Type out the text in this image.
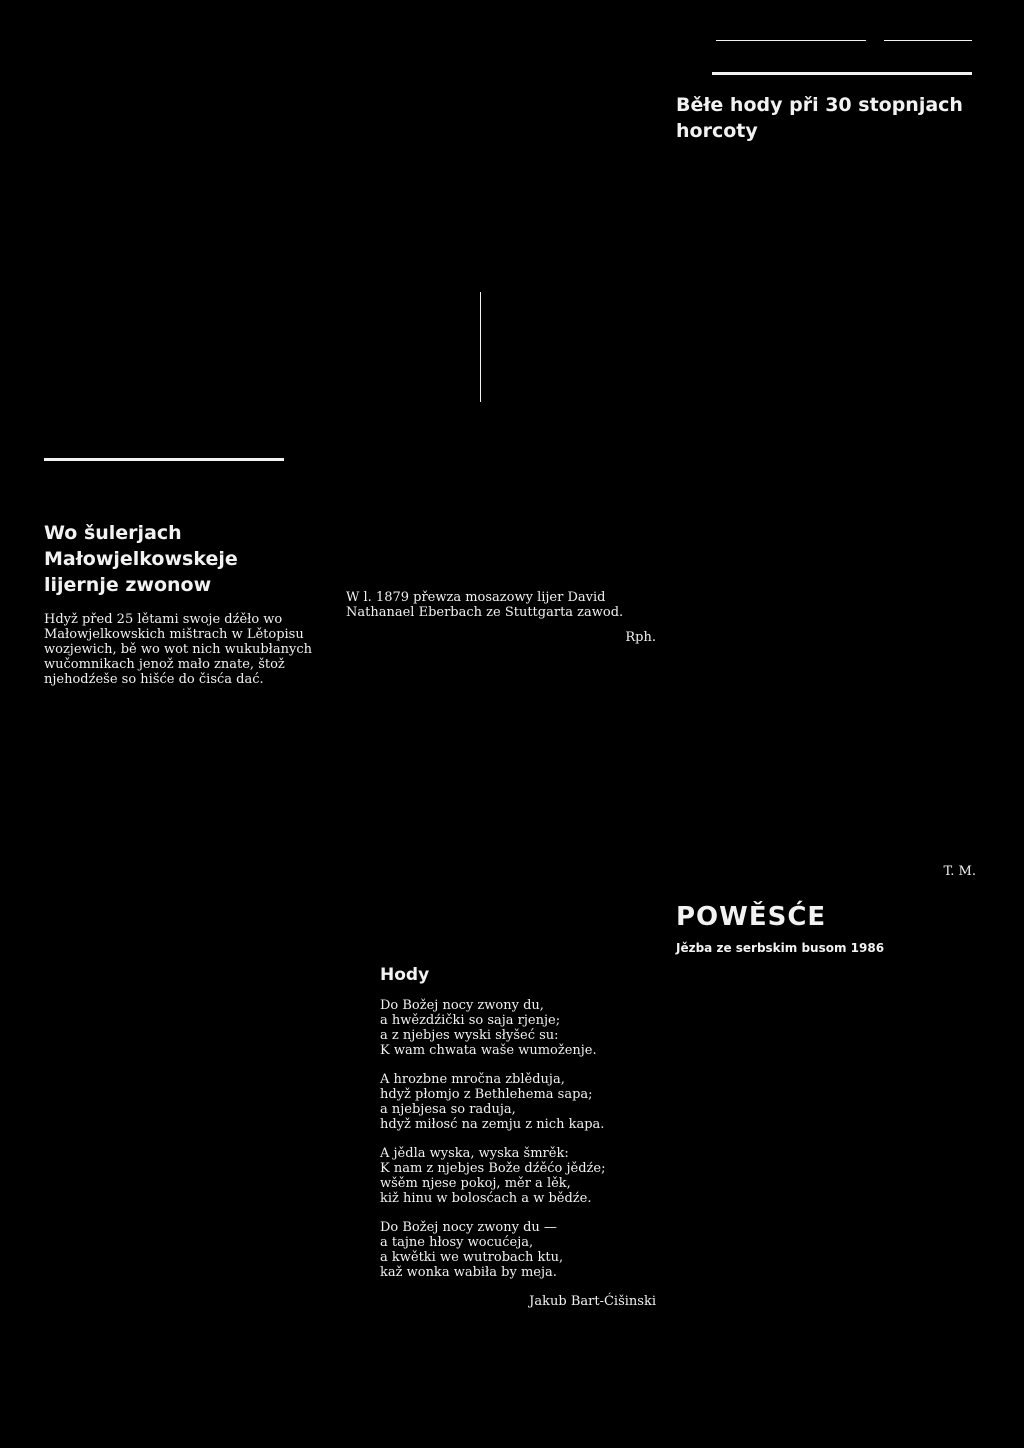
Wo šulerjach Małowjelkowskeje lijernje zwonow

Hdyž před 25 lětami swoje dźěło wo Małowjelkowskich mištrach w Lětopisu wozjewich, bě wo wot nich wukubłanych wučomnikach jenož mało znate, štož njehodźeše so hišće do čisća dać.

W l. 1879 přewza mosazowy lijer David Nathanael Eberbach ze Stuttgarta zawod.

Rph.
Hody

Do Božej nocy zwony du,
a hwězdźički so saja rjenje;
a z njebjes wyski słyšeć su:
K wam chwata waše wumoženje.

A hrozbne mročna zblěduja,
hdyž płomjo z Bethlehema sapa;
a njebjesa so raduja,
hdyž miłosć na zemju z nich kapa.

A jědla wyska, wyska šmrěk:
K nam z njebjes Bože dźěćo jědźe;
wšěm njese pokoj, měr a lěk,
kiž hinu w bolosćach a w bědźe.

Do Božej nocy zwony du —
a tajne hłosy wocućeja,
a kwětki we wutrobach ktu,
kaž wonka wabiła by meja.

Jakub Bart-Ćišinski
Běłe hody při 30 stopnjach horcoty
T. M.
POWĚSĆE
Jězba ze serbskim busom 1986
